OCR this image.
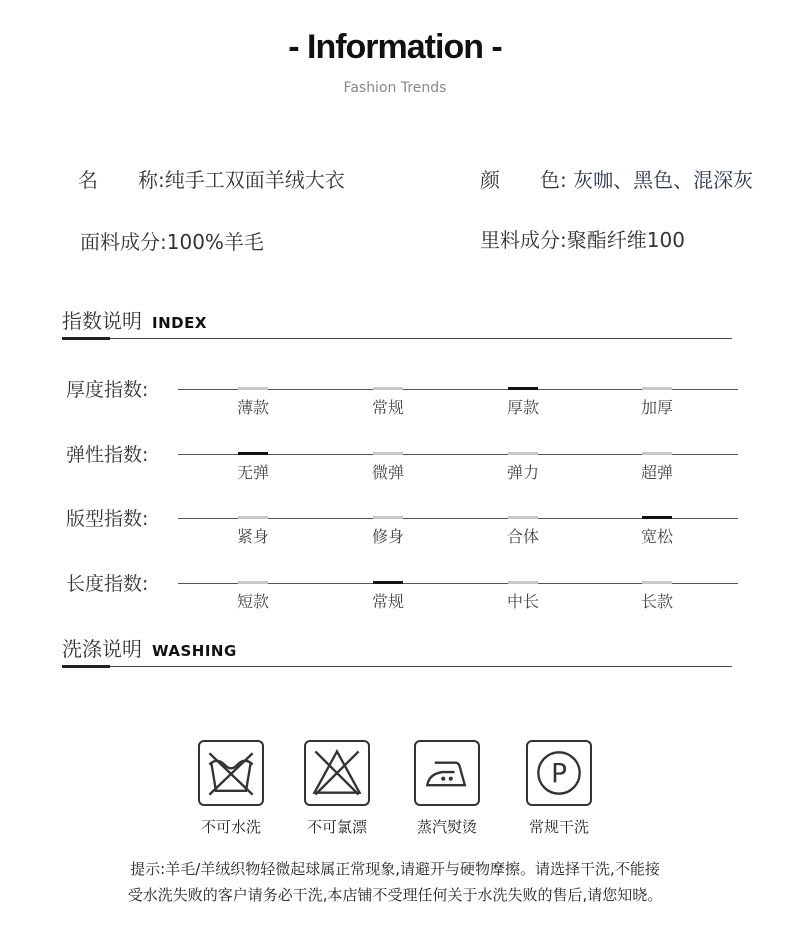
- Information -
Fashion Trends
名　　称:纯手工双面羊绒大衣	颜　　色: 灰咖、黑色、混深灰
面料成分:100%羊毛	里料成分:聚酯纤维100
指数说明 INDEX
厚度指数:
薄款	常规	厚款	加厚
弹性指数:
无弹	微弹	弹力	超弹
版型指数:
紧身	修身	合体	宽松
长度指数:
短款	常规	中长	长款
洗涤说明 WASHING
P
不可水洗	不可氯漂	蒸汽熨烫	常规干洗
提示:羊毛/羊绒织物轻微起球属正常现象,请避开与硬物摩擦。请选择干洗,不能接
受水洗失败的客户请务必干洗,本店铺不受理任何关于水洗失败的售后,请您知晓。
